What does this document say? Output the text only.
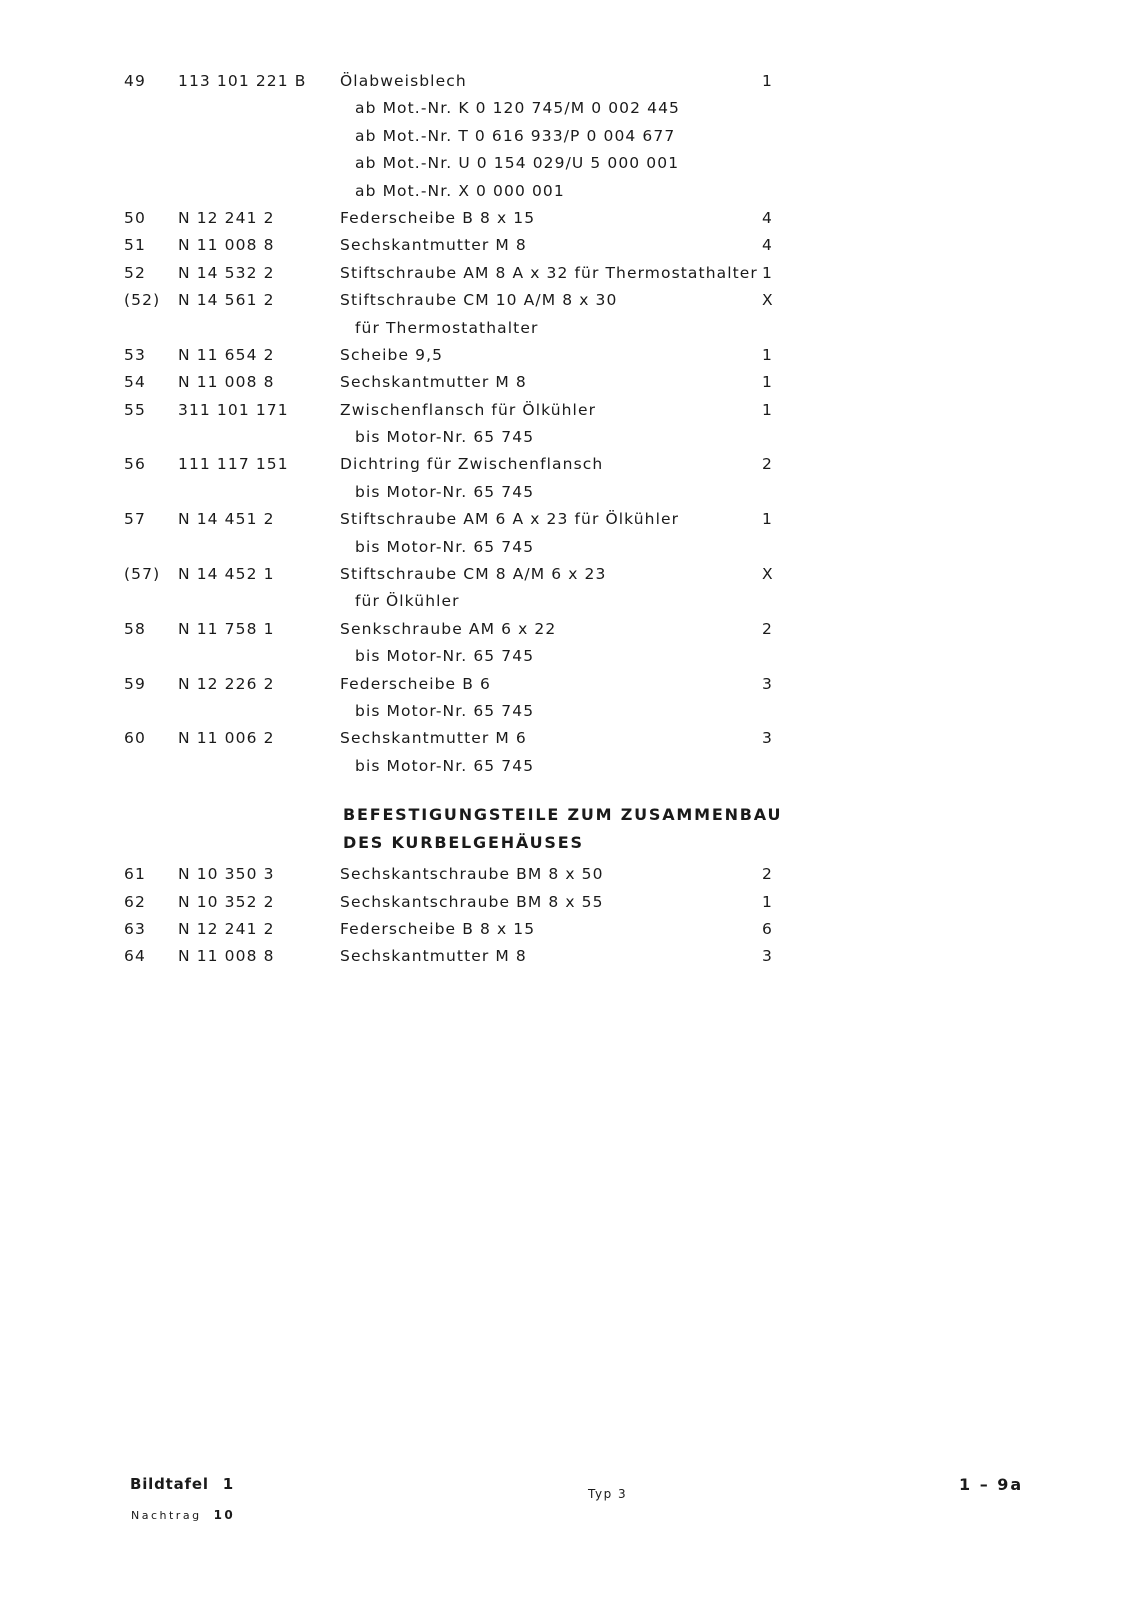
49 113 101 221 B Ölabweisblech	1
ab Mot.-Nr. K 0 120 745/M 0 002 445
ab Mot.-Nr. T 0 616 933/P 0 004 677
ab Mot.-Nr. U 0 154 029/U 5 000 001
ab Mot.-Nr. X 0 000 001
50 N 12 241 2	Federscheibe B 8 x 15	4
51 N 11 008 8	Sechskantmutter M 8	4
52 N 14 532 2	Stiftschraube AM 8 A x 32 für Thermostathalter 1
(52) N 14 561 2	Stiftschraube CM 10 A/M 8 x 30	X
für Thermostathalter
53 N 11 654 2	Scheibe 9,5	1
54 N 11 008 8	Sechskantmutter M 8	1
55 311 101 171	Zwischenflansch für Ölkühler	1
bis Motor-Nr. 65 745
56 111 117 151	Dichtring für Zwischenflansch	2
bis Motor-Nr. 65 745
57 N 14 451 2	Stiftschraube AM 6 A x 23 für Ölkühler	1
bis Motor-Nr. 65 745
(57) N 14 452 1	Stiftschraube CM 8 A/M 6 x 23	X
für Ölkühler
58 N 11 758 1	Senkschraube AM 6 x 22	2
bis Motor-Nr. 65 745
59 N 12 226 2	Federscheibe B 6	3
bis Motor-Nr. 65 745
60 N 11 006 2	Sechskantmutter M 6	3
bis Motor-Nr. 65 745
BEFESTIGUNGSTEILE ZUM ZUSAMMENBAU
DES KURBELGEHÄUSES
61 N 10 350 3	Sechskantschraube BM 8 x 50	2
62 N 10 352 2	Sechskantschraube BM 8 x 55	1
63 N 12 241 2	Federscheibe B 8 x 15	6
64 N 11 008 8	Sechskantmutter M 8	3
Bildtafel 1
Nachtrag 10
Typ 3	1 – 9a
